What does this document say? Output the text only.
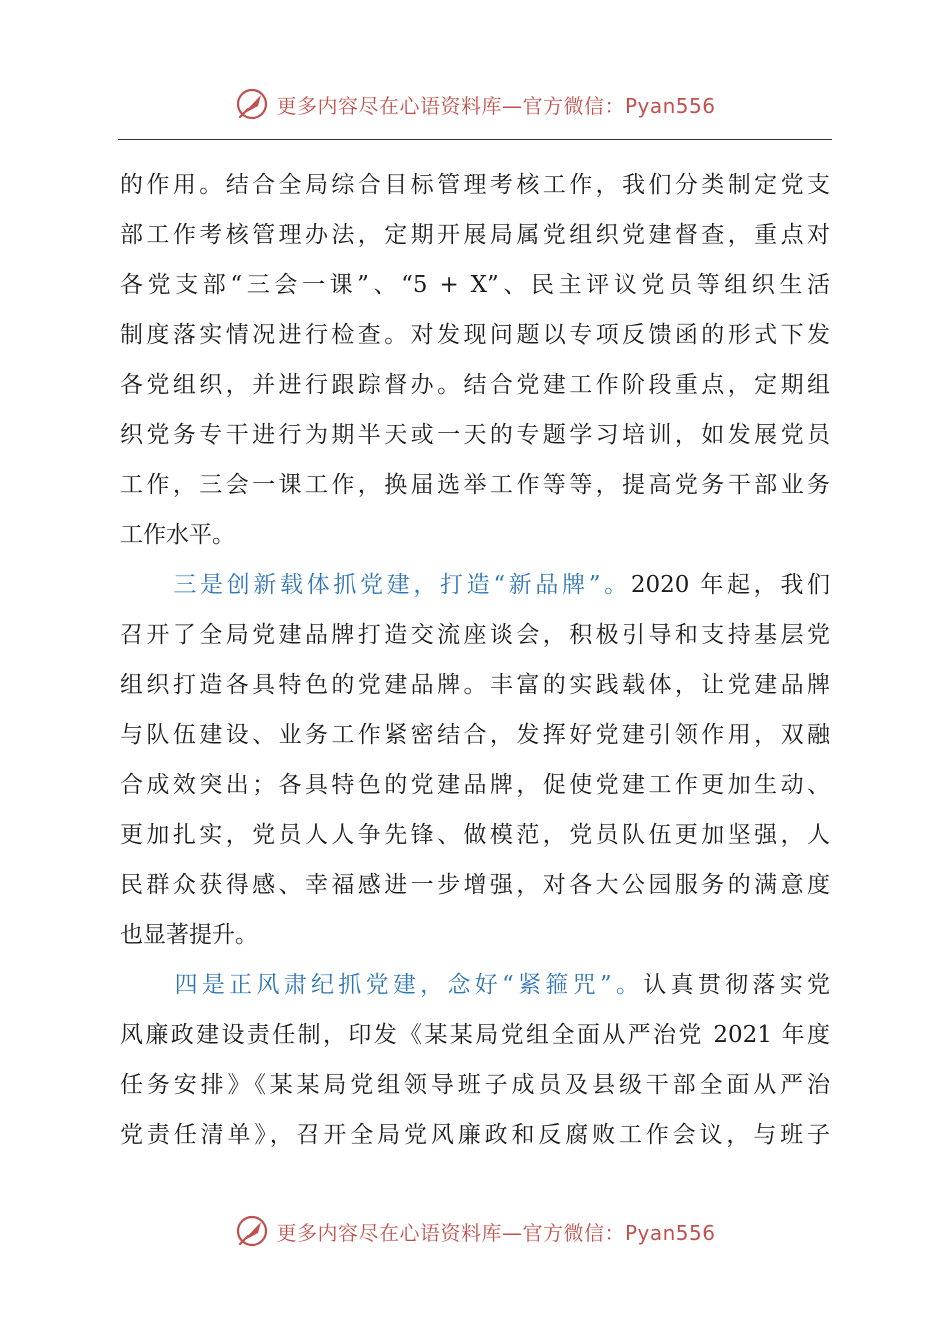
更多内容尽在心语资料库—官方微信：Pyan556
的作用。结合全局综合目标管理考核工作，我们分类制定党支
部工作考核管理办法，定期开展局属党组织党建督查，重点对
各党支部“三会一课”、“5 + X”、民主评议党员等组织生活
制度落实情况进行检查。对发现问题以专项反馈函的形式下发
各党组织，并进行跟踪督办。结合党建工作阶段重点，定期组
织党务专干进行为期半天或一天的专题学习培训，如发展党员
工作，三会一课工作，换届选举工作等等，提高党务干部业务
工作水平。
　　三是创新载体抓党建，打造“新品牌”。2020 年起，我们
召开了全局党建品牌打造交流座谈会，积极引导和支持基层党
组织打造各具特色的党建品牌。丰富的实践载体，让党建品牌
与队伍建设、业务工作紧密结合，发挥好党建引领作用，双融
合成效突出；各具特色的党建品牌，促使党建工作更加生动、
更加扎实，党员人人争先锋、做模范，党员队伍更加坚强，人
民群众获得感、幸福感进一步增强，对各大公园服务的满意度
也显著提升。
　　四是正风肃纪抓党建，念好“紧箍咒”。认真贯彻落实党
风廉政建设责任制，印发《某某局党组全面从严治党 2021 年度
任务安排》《某某局党组领导班子成员及县级干部全面从严治
党责任清单》，召开全局党风廉政和反腐败工作会议，与班子
更多内容尽在心语资料库—官方微信：Pyan556
